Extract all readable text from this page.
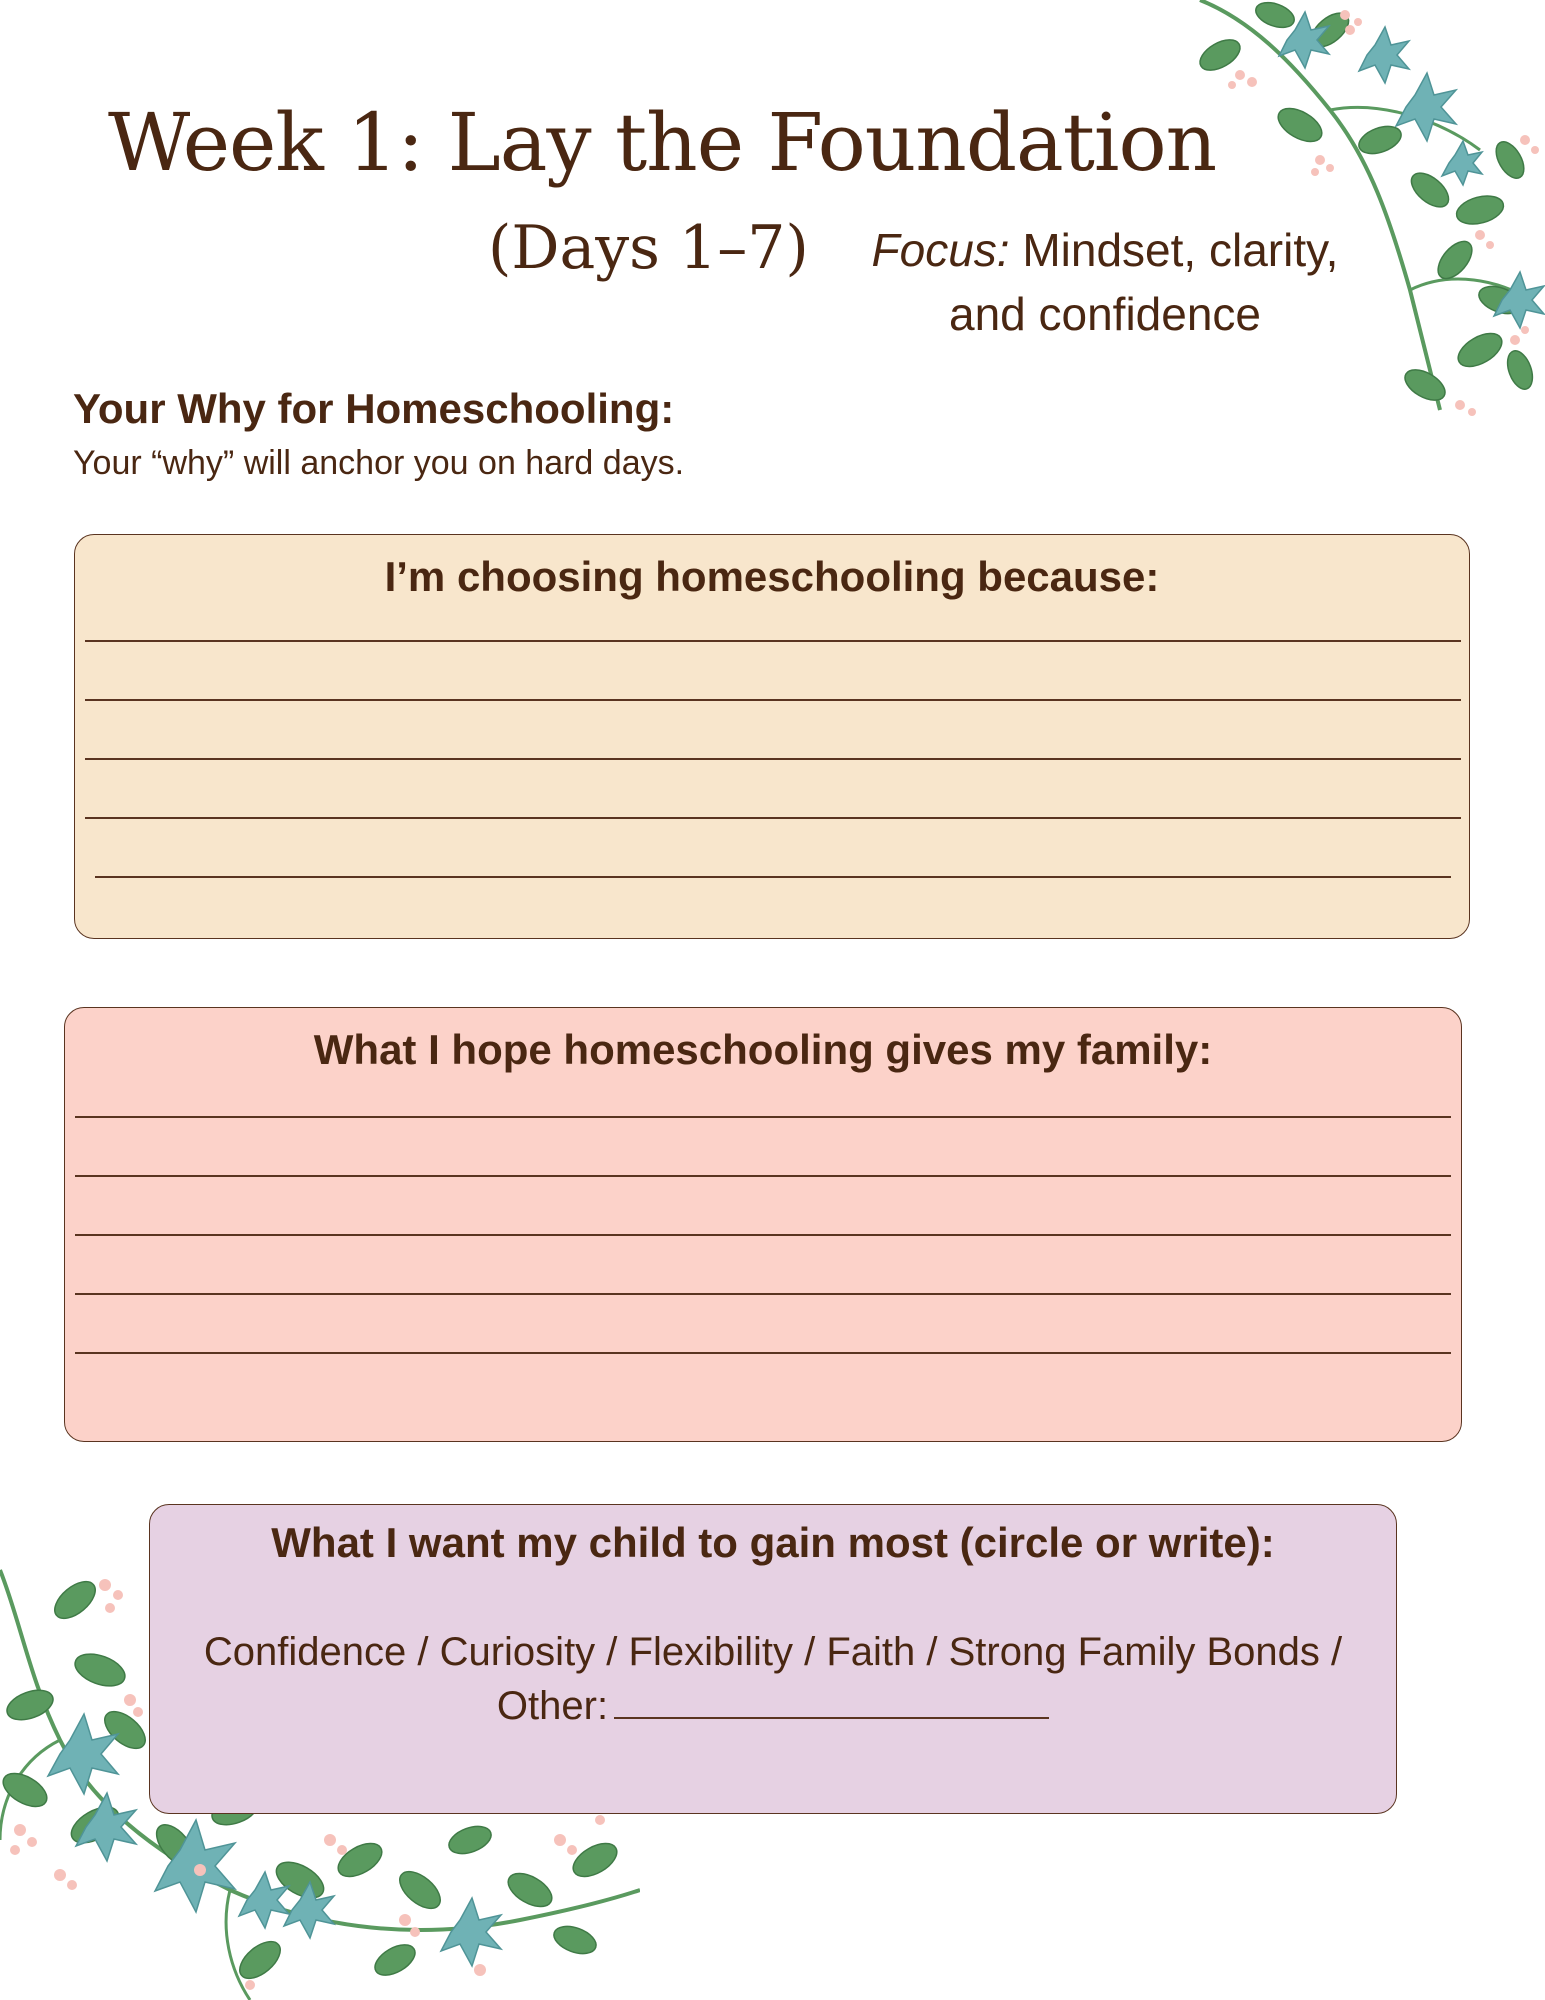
Week 1: Lay the Foundation
(Days 1–7)	Focus: Mindset, clarity,
and confidence
Your Why for Homeschooling:
Your “why” will anchor you on hard days.
I’m choosing homeschooling because:
What I hope homeschooling gives my family:
What I want my child to gain most (circle or write):
Confidence / Curiosity / Flexibility / Faith / Strong Family Bonds /
Other:
